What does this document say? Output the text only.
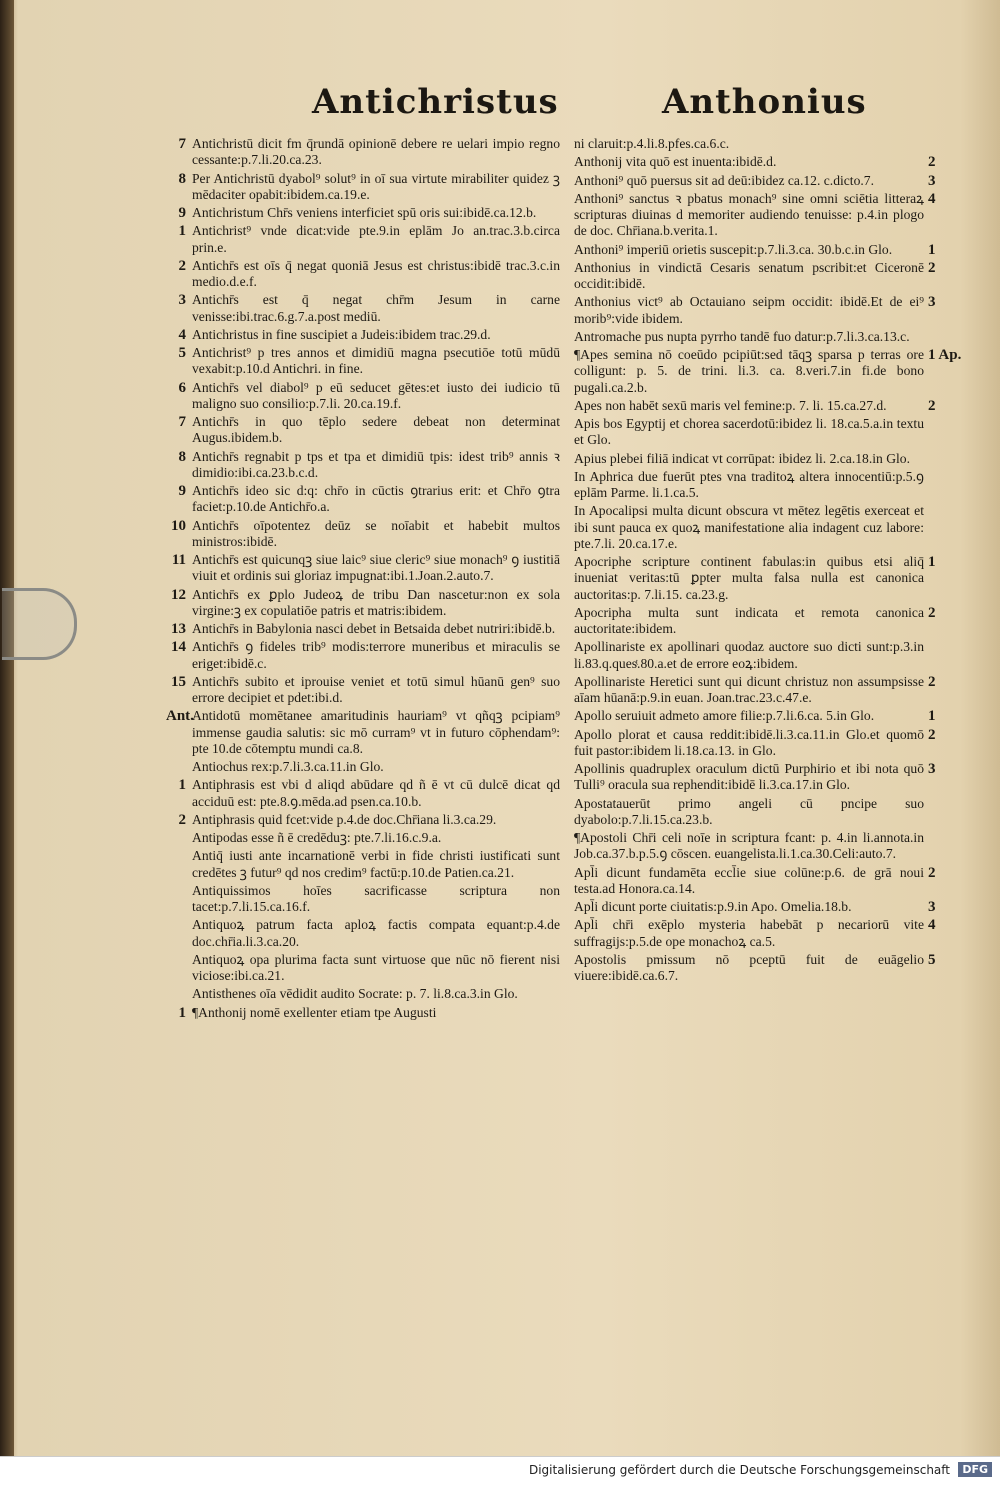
Antichristus	Anthonius
7 Antichristū dicit fm q̄rundā opinionē debere re uelari impio regno cessante:p.7.li.20.ca.23.
8 Per Antichristū dyabol⁹ solut⁹ in oī sua virtute mirabiliter quidez ꝫ mēdaciter opabit:ibidem.ca.19.e.
9 Antichristum Chr̄s veniens interficiet spū oris sui:ibidē.ca.12.b.
1 Antichrist⁹ vnde dicat:vide pte.9.in eplām Jo an.trac.3.b.circa prin.e.
2 Antichr̄s est oīs q̄ negat quoniā Jesus est christus:ibidē trac.3.c.in medio.d.e.f.
3 Antichr̄s est q̄ negat chr̄m Jesum in carne venisse:ibi.trac.6.g.7.a.post mediū.
4 Antichristus in fine suscipiet a Judeis:ibidem trac.29.d.
5 Antichrist⁹ p tres annos et dimidiū magna psecutiōe totū mūdū vexabit:p.10.d Antichri. in fine.
6 Antichr̄s vel diabol⁹ p eū seducet gētes:et iusto dei iudicio tū maligno suo consilio:p.7.li. 20.ca.19.f.
7 Antichr̄s in quo tēplo sedere debeat non determinat Augus.ibidem.b.
8 Antichr̄s regnabit p tps et tpa et dimidiū tpis: idest trib⁹ annis ꝛ dimidio:ibi.ca.23.b.c.d.
9 Antichr̄s ideo sic d:q: chr̄o in cūctis ꝯtrarius erit: et Chr̄o ꝯtra faciet:p.10.de Antichr̄o.a.
10 Antichr̄s oīpotentez deūz se noīabit et habebit multos ministros:ibidē.
11 Antichr̄s est quicunqꝫ siue laic⁹ siue cleric⁹ siue monach⁹ ꝯ iustitiā viuit et ordinis sui gloriaz impugnat:ibi.1.Joan.2.auto.7.
12 Antichr̄s ex ꝑplo Judeoꝝ de tribu Dan nascetur:non ex sola virgine:ꝫ ex copulatiōe patris et matris:ibidem.
13 Antichr̄s in Babylonia nasci debet in Betsaida debet nutriri:ibidē.b.
14 Antichr̄s ꝯ fideles trib⁹ modis:terrore muneribus et miraculis se eriget:ibidē.c.
15 Antichr̄s subito et iprouise veniet et totū simul hūanū gen⁹ suo errore decipiet et pdet:ibi.d.
Ant.
Antidotū momētanee amaritudinis hauriam⁹ vt qñqꝫ pcipiam⁹ immense gaudia salutis: sic mō curram⁹ vt in futuro cōphendam⁹: pte 10.de cōtemptu mundi ca.8.
Antiochus rex:p.7.li.3.ca.11.in Glo.
1 Antiphrasis est vbi d aliqd abūdare qd ñ ē vt cū dulcē dicat qd acciduū est: pte.8.ꝯ.mēda.ad psen.ca.10.b.
2 Antiphrasis quid fcet:vide p.4.de doc.Chr̄iana li.3.ca.29.
Antipodas esse ñ ē credēduꝫ: pte.7.li.16.c.9.a.
Antiq̄ iusti ante incarnationē verbi in fide christi iustificati sunt credētes ꝫ futur⁹ qd nos credim⁹ factū:p.10.de Patien.ca.21.
Antiquissimos hoīes sacrificasse scriptura non tacet:p.7.li.15.ca.16.f.
Antiquoꝝ patrum facta aploꝝ factis compata equant:p.4.de doc.chr̄ia.li.3.ca.20.
Antiquoꝝ opa plurima facta sunt virtuose que nūc nō fierent nisi viciose:ibi.ca.21.
Antisthenes oīa vēdidit audito Socrate: p. 7. li.8.ca.3.in Glo.
1 ¶Anthonij nomē exellenter etiam tpe Augusti
ni claruit:p.4.li.8.pfes.ca.6.c.
2
Anthonij vita quō est inuenta:ibidē.d.
3
Anthoni⁹ quō puersus sit ad deū:ibidez ca.12. c.dicto.7.
4
Anthoni⁹ sanctus ꝛ pbatus monach⁹ sine omni sciētia litteraꝝ scripturas diuinas d memoriter audiendo tenuisse: p.4.in plogo de doc. Chr̄iana.b.verita.1.
1
Anthoni⁹ imperiū orietis suscepit:p.7.li.3.ca. 30.b.c.in Glo.
2
Anthonius in vindictā Cesaris senatum pscribit:et Ciceronē occidit:ibidē.
3
Anthonius vict⁹ ab Octauiano seipm occidit: ibidē.Et de ei⁹ morib⁹:vide ibidem.
Antromache pus nupta pyrrho tandē fuo datur:p.7.li.3.ca.13.c.
1 Ap.
¶Apes semina nō coeūdo pcipiūt:sed tāqꝫ sparsa p terras ore colligunt: p. 5. de trini. li.3. ca. 8.veri.7.in fi.de bono pugali.ca.2.b.
2
Apes non habēt sexū maris vel femine:p. 7. li. 15.ca.27.d.
Apis bos Egyptij et chorea sacerdotū:ibidez li. 18.ca.5.a.in textu et Glo.
Apius plebei filiā indicat vt corrūpat: ibidez li. 2.ca.18.in Glo.
In Aphrica due fuerūt ptes vna traditoꝝ altera innocentiū:p.5.ꝯ eplām Parme. li.1.ca.5.
In Apocalipsi multa dicunt obscura vt mētez legētis exerceat et ibi sunt pauca ex quoꝝ manifestatione alia indagent cuz labore: pte.7.li. 20.ca.17.e.
1
Apocriphe scripture continent fabulas:in quibus etsi aliq̄ inueniat veritas:tū ꝑpter multa falsa nulla est canonica auctoritas:p. 7.li.15. ca.23.g.
2
Apocripha multa sunt indicata et remota canonica auctoritate:ibidem.
Apollinariste ex apollinari quodaz auctore suo dicti sunt:p.3.in li.83.q.quesͭ.80.a.et de errore eoꝝ:ibidem.
2
Apollinariste Heretici sunt qui dicunt christuz non assumpsisse aīam hūanā:p.9.in euan. Joan.trac.23.c.47.e.
1
Apollo seruiuit admeto amore filie:p.7.li.6.ca. 5.in Glo.
2
Apollo plorat et causa reddit:ibidē.li.3.ca.11.in Glo.et quomō fuit pastor:ibidem li.18.ca.13. in Glo.
3
Apollinis quadruplex oraculum dictū Purphirio et ibi nota quō Tulli⁹ oracula sua rephendit:ibidē li.3.ca.17.in Glo.
Apostatauerūt primo angeli cū pncipe suo dyabolo:p.7.li.15.ca.23.b.
¶Apostoli Chr̄i celi noīe in scriptura fcant: p. 4.in li.annota.in Job.ca.37.b.p.5.ꝯ cōscen. euangelista.li.1.ca.30.Celi:auto.7.
2
Apl̄i dicunt fundamēta eccl̄ie siue colūne:p.6. de grā noui testa.ad Honora.ca.14.
3
Apl̄i dicunt porte ciuitatis:p.9.in Apo. Omelia.18.b.
4
Apl̄i chr̄i exēplo mysteria habebāt p necariorū vite suffragijs:p.5.de ope monachoꝝ ca.5.
5
Apostolis pmissum nō pceptū fuit de euāgelio viuere:ibidē.ca.6.7.
Digitalisierung gefördert durch die Deutsche Forschungsgemeinschaft	DFG
